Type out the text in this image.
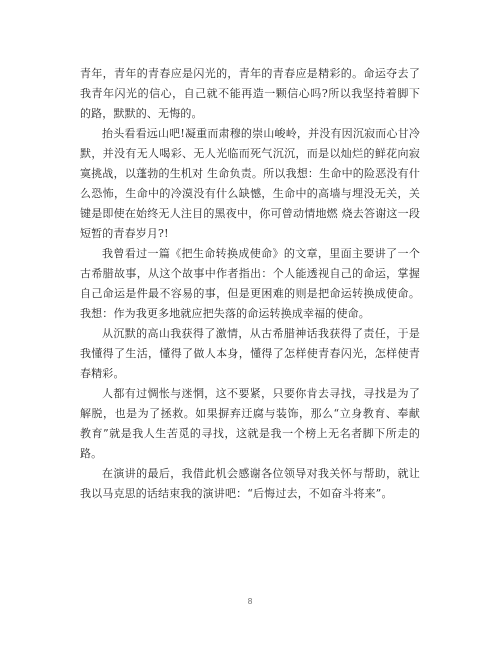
青年，青年的青春应是闪光的，青年的青春应是精彩的。命运夺去了我青年闪光的信心，自己就不能再造一颗信心吗?所以我坚持着脚下的路，默默的、无悔的。

抬头看看远山吧!凝重而肃穆的崇山峻岭，并没有因沉寂而心甘冷默，并没有无人喝彩、无人光临而死气沉沉，而是以灿烂的鲜花向寂寞挑战，以蓬勃的生机对 生命负责。所以我想：生命中的险恶没有什么恐怖，生命中的冷漠没有什么缺憾，生命中的高墙与埋没无关，关键是即使在始终无人注目的黑夜中，你可曾动情地燃 烧去答谢这一段短暂的青春岁月?!

我曾看过一篇《把生命转换成使命》的文章，里面主要讲了一个古希腊故事，从这个故事中作者指出：个人能透视自己的命运，掌握自己命运是件最不容易的事，但是更困难的则是把命运转换成使命。我想：作为我更多地就应把失落的命运转换成幸福的使命。

从沉默的高山我获得了激情，从古希腊神话我获得了责任，于是我懂得了生活，懂得了做人本身，懂得了怎样使青春闪光，怎样使青春精彩。

人都有过惆怅与迷惘，这不要紧，只要你肯去寻找，寻找是为了解脱，也是为了拯救。如果摒弃迂腐与装饰，那么“立身教育、奉献教育”就是我人生苦觅的寻找，这就是我一个榜上无名者脚下所走的路。

在演讲的最后，我借此机会感谢各位领导对我关怀与帮助，就让我以马克思的话结束我的演讲吧：“后悔过去，不如奋斗将来”。

8
